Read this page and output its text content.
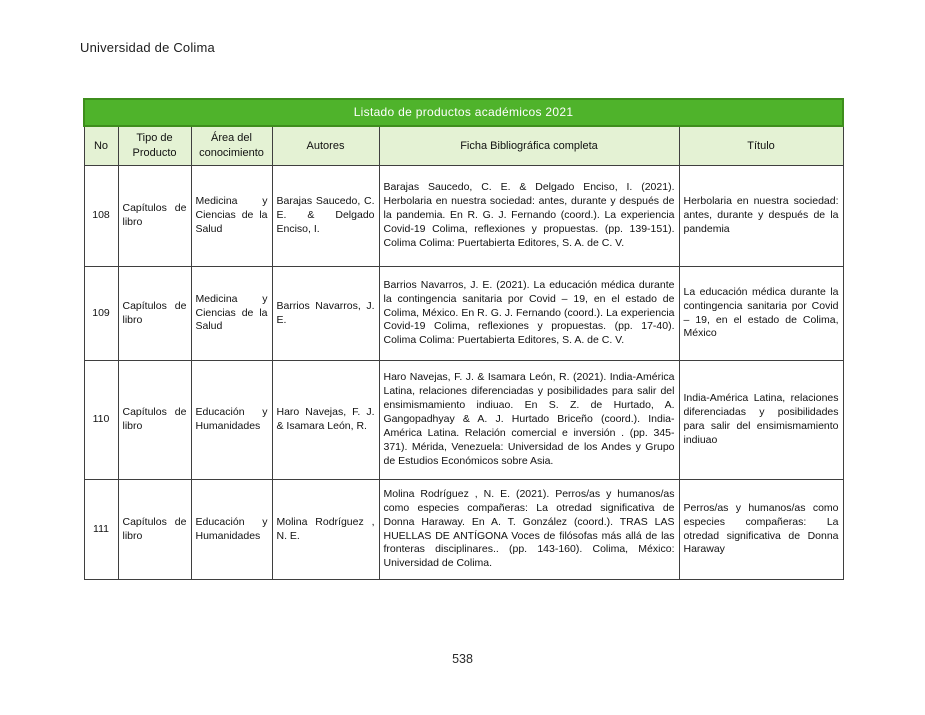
Universidad de Colima
Listado de productos académicos 2021					
No	Tipo de Producto	Área del conocimiento	Autores	Ficha Bibliográfica completa	Título
108	Capítulos de libro	Medicina y Ciencias de la Salud	Barajas Saucedo, C. E. & Delgado Enciso, I.	Barajas Saucedo, C. E. & Delgado Enciso, I. (2021). Herbolaria en nuestra sociedad: antes, durante y después de la pandemia. En R. G. J. Fernando (coord.). La experiencia Covid-19 Colima, reflexiones y propuestas. (pp. 139-151). Colima Colima: Puertabierta Editores, S. A. de C. V.	Herbolaria en nuestra sociedad: antes, durante y después de la pandemia
109	Capítulos de libro	Medicina y Ciencias de la Salud	Barrios Navarros, J. E.	Barrios Navarros, J. E. (2021). La educación médica durante la contingencia sanitaria por Covid – 19, en el estado de Colima, México. En R. G. J. Fernando (coord.). La experiencia Covid-19 Colima, reflexiones y propuestas. (pp. 17-40). Colima Colima: Puertabierta Editores, S. A. de C. V.	La educación médica durante la contingencia sanitaria por Covid – 19, en el estado de Colima, México
110	Capítulos de libro	Educación y Humanidades	Haro Navejas, F. J. & Isamara León, R.	Haro Navejas, F. J. & Isamara León, R. (2021). India-América Latina, relaciones diferenciadas y posibilidades para salir del ensimismamiento indiuao. En S. Z. de Hurtado, A. Gangopadhyay & A. J. Hurtado Briceño (coord.). India-América Latina. Relación comercial e inversión . (pp. 345-371). Mérida, Venezuela: Universidad de los Andes y Grupo de Estudios Económicos sobre Asia.	India-América Latina, relaciones diferenciadas y posibilidades para salir del ensimismamiento indiuao
111	Capítulos de libro	Educación y Humanidades	Molina Rodríguez , N. E.	Molina Rodríguez , N. E. (2021). Perros/as y humanos/as como especies compañeras: La otredad significativa de Donna Haraway. En A. T. González (coord.). TRAS LAS HUELLAS DE ANTÍGONA Voces de filósofas más allá de las fronteras disciplinares.. (pp. 143-160). Colima, México: Universidad de Colima.	Perros/as y humanos/as como especies compañeras: La otredad significativa de Donna Haraway
538
